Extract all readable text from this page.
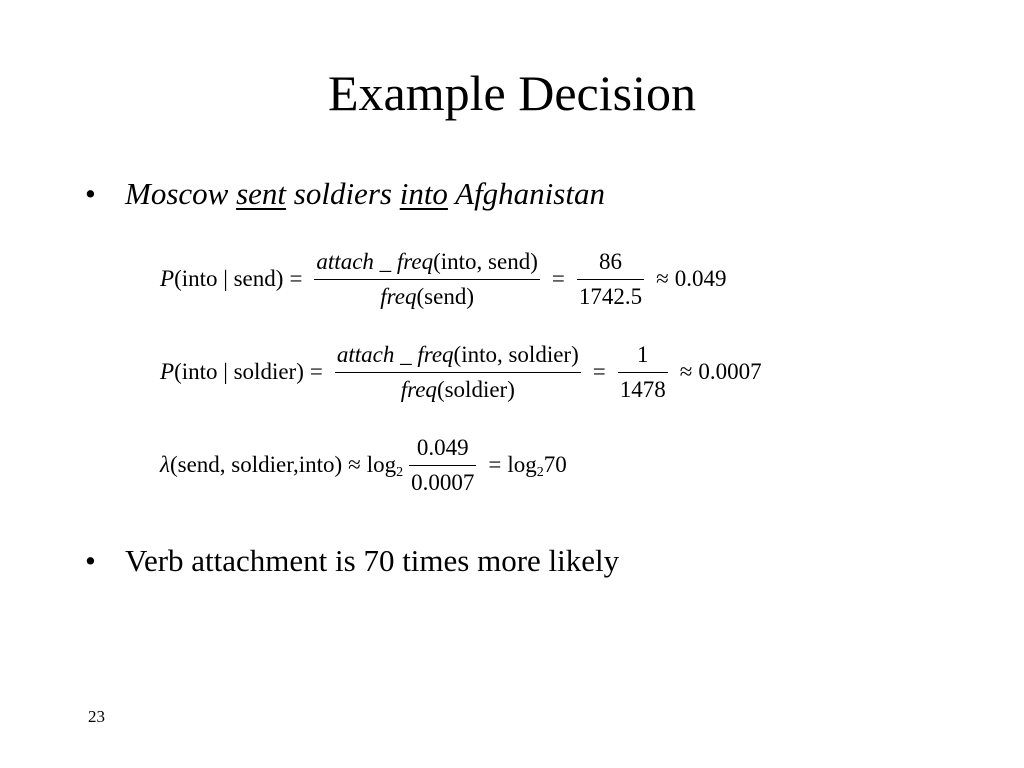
Example Decision
• Moscow sent soldiers into Afghanistan
P (into | send) = $\frac{\text{attach \_ freq(into, send)}}{\text{freq(send)}} = \frac{86}{1742.5} \approx 0.049$
P (into | soldier) = $\frac{\text{attach \_ freq(into, soldier)}}{\text{freq(soldier)}} = \frac{1}{1478} \approx 0.0007$
λ (send, soldier,into) ≈ $\log 2 \frac{0.049}{0.0007} = \log 2$ 70
• Verb attachment is 70 times more likely
23
